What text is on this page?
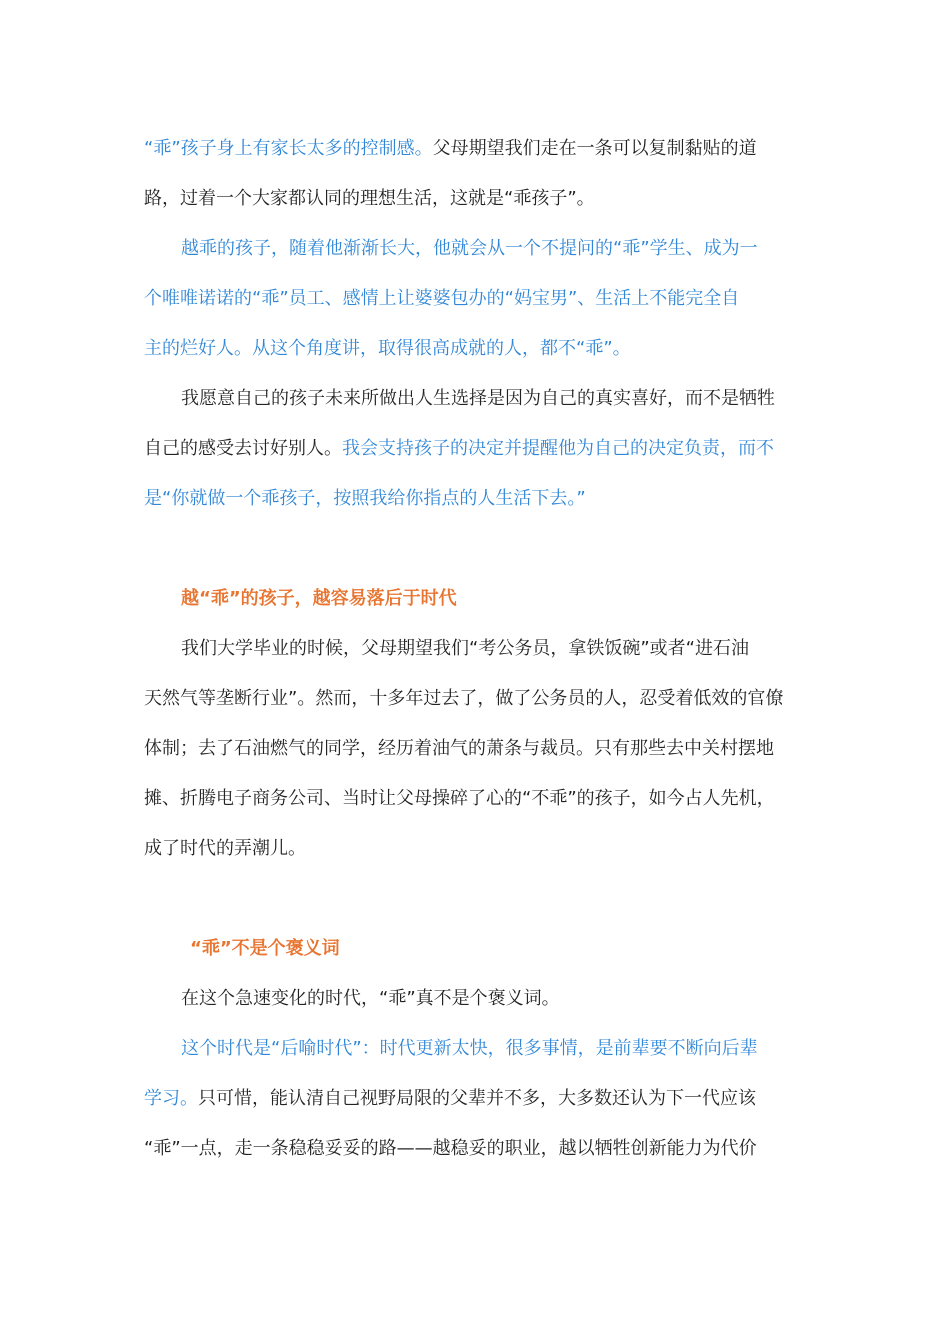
“乖”孩子身上有家长太多的控制感。父母期望我们走在一条可以复制黏贴的道
路，过着一个大家都认同的理想生活，这就是“乖孩子”。
越乖的孩子，随着他渐渐长大，他就会从一个不提问的“乖”学生、成为一
个唯唯诺诺的“乖”员工、感情上让婆婆包办的“妈宝男”、生活上不能完全自
主的烂好人。从这个角度讲，取得很高成就的人，都不“乖”。
我愿意自己的孩子未来所做出人生选择是因为自己的真实喜好，而不是牺牲
自己的感受去讨好别人。我会支持孩子的决定并提醒他为自己的决定负责，而不
是“你就做一个乖孩子，按照我给你指点的人生活下去。”
越“乖”的孩子，越容易落后于时代
我们大学毕业的时候，父母期望我们“考公务员，拿铁饭碗”或者“进石油
天然气等垄断行业”。然而，十多年过去了，做了公务员的人，忍受着低效的官僚
体制；去了石油燃气的同学，经历着油气的萧条与裁员。只有那些去中关村摆地
摊、折腾电子商务公司、当时让父母操碎了心的“不乖”的孩子，如今占人先机，
成了时代的弄潮儿。
“乖”不是个褒义词
在这个急速变化的时代，“乖”真不是个褒义词。
这个时代是“后喻时代”：时代更新太快，很多事情，是前辈要不断向后辈
学习。只可惜，能认清自己视野局限的父辈并不多，大多数还认为下一代应该
“乖”一点，走一条稳稳妥妥的路——越稳妥的职业，越以牺牲创新能力为代价
